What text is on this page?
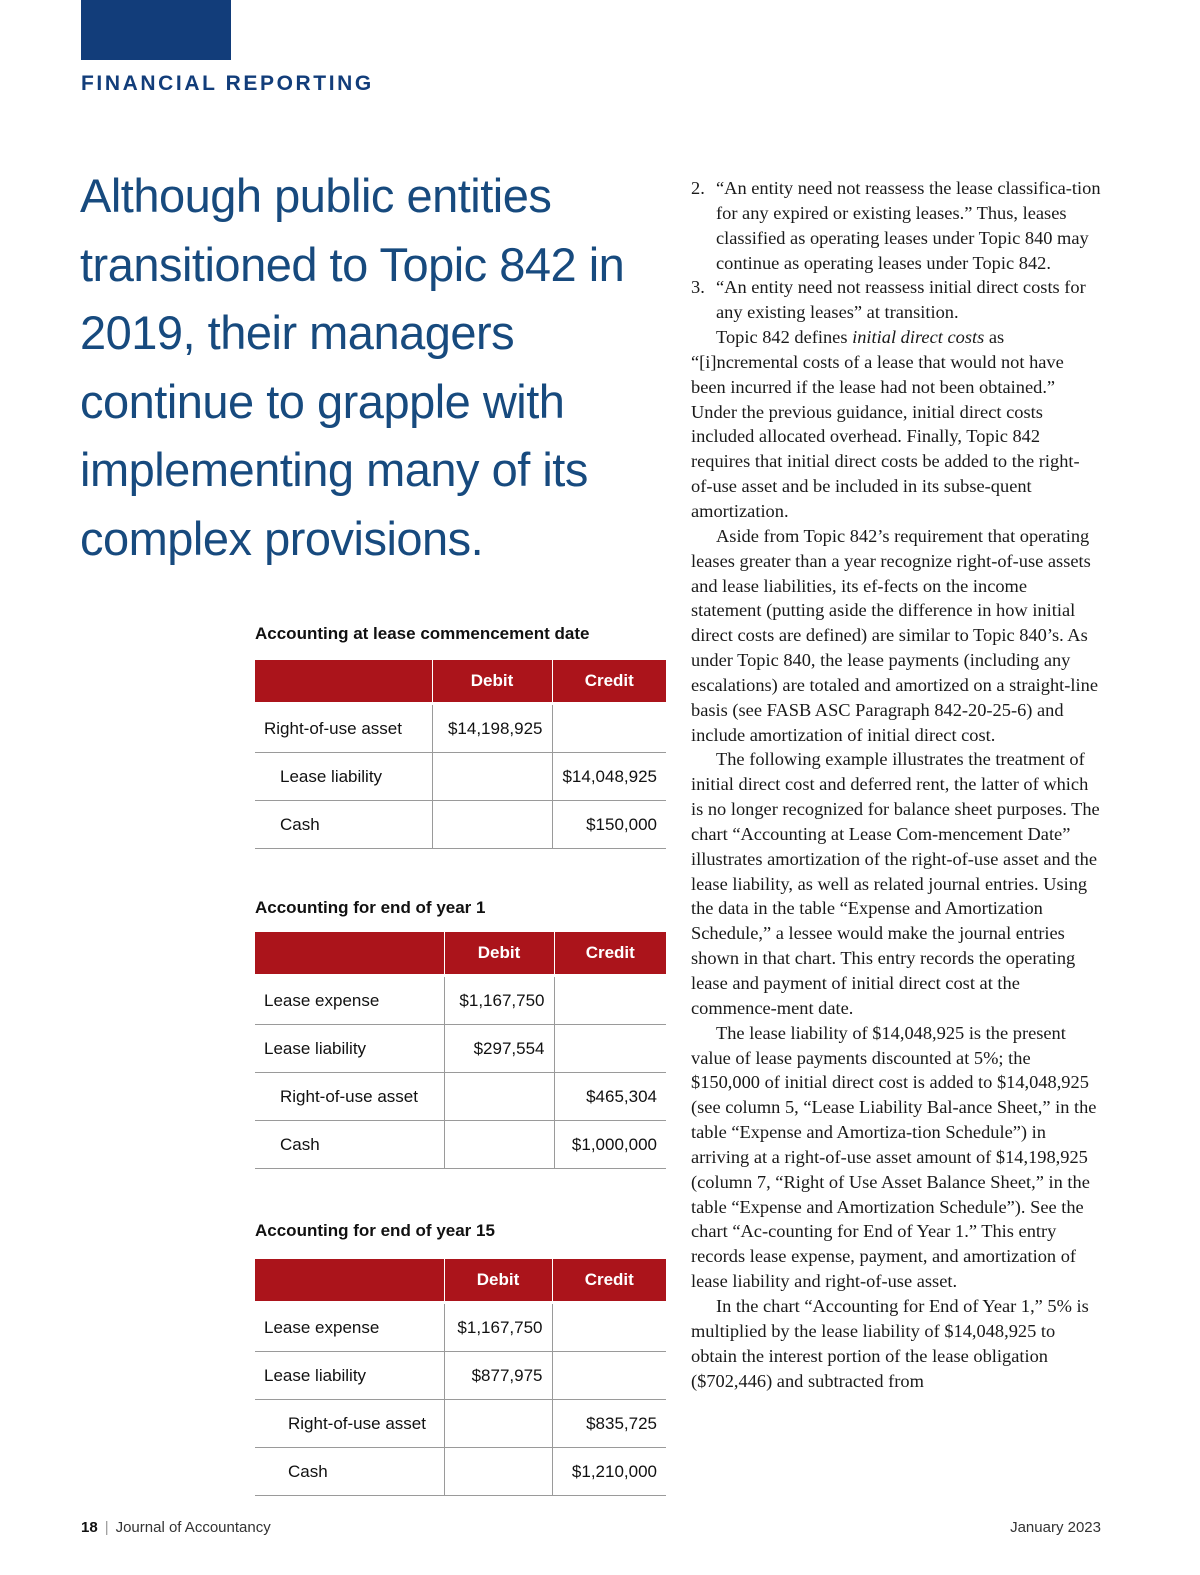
FINANCIAL REPORTING
Although public entities transitioned to Topic 842 in 2019, their managers continue to grapple with implementing many of its complex provisions.
Accounting at lease commencement date
	Debit	Credit
Right-of-use asset	$14,198,925	
Lease liability		$14,048,925
Cash		$150,000
Accounting for end of year 1
	Debit	Credit
Lease expense	$1,167,750	
Lease liability	$297,554	
Right-of-use asset		$465,304
Cash		$1,000,000
Accounting for end of year 15
	Debit	Credit
Lease expense	$1,167,750	
Lease liability	$877,975	
Right-of-use asset		$835,725
Cash		$1,210,000
2. “An entity need not reassess the lease classifica-tion for any expired or existing leases.” Thus, leases classified as operating leases under Topic 840 may continue as operating leases under Topic 842.
3. “An entity need not reassess initial direct costs for any existing leases” at transition.

Topic 842 defines initial direct costs as “[i]ncremental costs of a lease that would not have been incurred if the lease had not been obtained.” Under the previous guidance, initial direct costs included allocated overhead. Finally, Topic 842 requires that initial direct costs be added to the right-of-use asset and be included in its subse-quent amortization.

Aside from Topic 842’s requirement that operating leases greater than a year recognize right-of-use assets and lease liabilities, its ef-fects on the income statement (putting aside the difference in how initial direct costs are defined) are similar to Topic 840’s. As under Topic 840, the lease payments (including any escalations) are totaled and amortized on a straight-line basis (see FASB ASC Paragraph 842-20-25-6) and include amortization of initial direct cost.

The following example illustrates the treatment of initial direct cost and deferred rent, the latter of which is no longer recognized for balance sheet purposes. The chart “Accounting at Lease Com-mencement Date” illustrates amortization of the right-of-use asset and the lease liability, as well as related journal entries. Using the data in the table “Expense and Amortization Schedule,” a lessee would make the journal entries shown in that chart. This entry records the operating lease and payment of initial direct cost at the commence-ment date.

The lease liability of $14,048,925 is the present value of lease payments discounted at 5%; the $150,000 of initial direct cost is added to $14,048,925 (see column 5, “Lease Liability Bal-ance Sheet,” in the table “Expense and Amortiza-tion Schedule”) in arriving at a right-of-use asset amount of $14,198,925 (column 7, “Right of Use Asset Balance Sheet,” in the table “Expense and Amortization Schedule”). See the chart “Ac-counting for End of Year 1.” This entry records lease expense, payment, and amortization of lease liability and right-of-use asset.

In the chart “Accounting for End of Year 1,” 5% is multiplied by the lease liability of $14,048,925 to obtain the interest portion of the lease obligation ($702,446) and subtracted from

18 | Journal of Accountancy	January 2023
